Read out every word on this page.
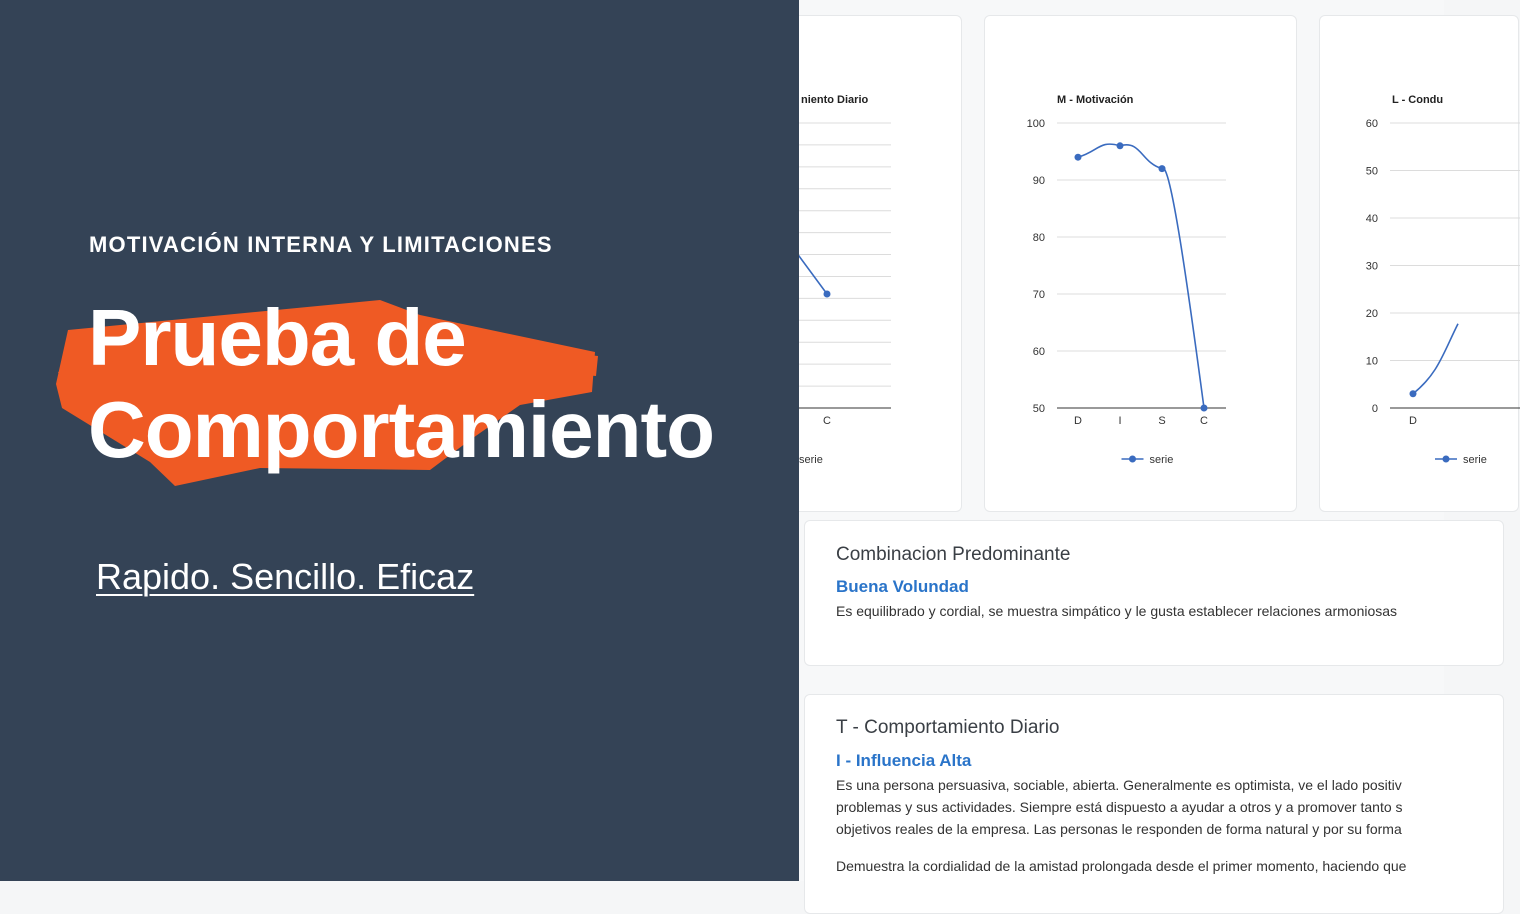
niento Diario
C
serie
M - Motivación
50
60
70
80
90
100
D	I	S	C
serie
L - Condu
0
10
20
30
40
50
60
D
serie
Combinacion Predominante
Buena Volundad
Es equilibrado y cordial, se muestra simpático y le gusta establecer relaciones armoniosas
T - Comportamiento Diario
I - Influencia Alta
Es una persona persuasiva, sociable, abierta. Generalmente es optimista, ve el lado positiv
problemas y sus actividades. Siempre está dispuesto a ayudar a otros y a promover tanto s
objetivos reales de la empresa. Las personas le responden de forma natural y por su forma
Demuestra la cordialidad de la amistad prolongada desde el primer momento, haciendo que
MOTIVACIÓN INTERNA Y LIMITACIONES
Prueba de
Comportamiento
Rapido. Sencillo. Eficaz
